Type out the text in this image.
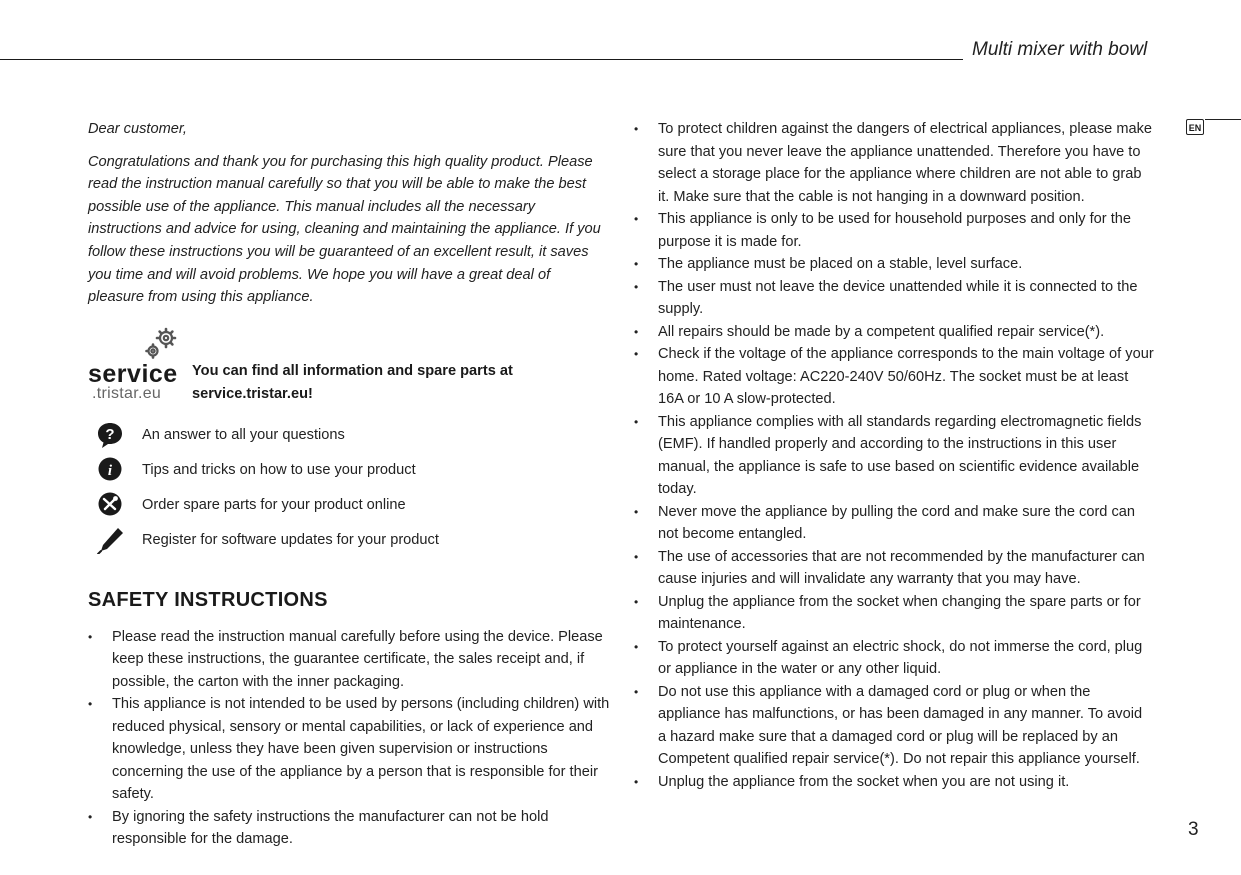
Multi mixer with bowl
EN
3

Dear customer,

Congratulations and thank you for purchasing this high quality product. Please read the instruction manual carefully so that you will be able to make the best possible use of the appliance. This manual includes all the necessary instructions and advice for using, cleaning and maintaining the appliance. If you follow these instructions you will be guaranteed of an excellent result, it saves you time and will avoid problems. We hope you will have a great deal of pleasure from using this appliance.

service
.tristar.eu
You can find all information and spare parts at
service.tristar.eu!
? An answer to all your questions
i Tips and tricks on how to use your product
Order spare parts for your product online
Register for software updates for your product
SAFETY INSTRUCTIONS
• Please read the instruction manual carefully before using the device. Please keep these instructions, the guarantee certificate, the sales receipt and, if possible, the carton with the inner packaging.
• This appliance is not intended to be used by persons (including children) with reduced physical, sensory or mental capabilities, or lack of experience and knowledge, unless they have been given supervision or instructions concerning the use of the appliance by a person that is responsible for their safety.
• By ignoring the safety instructions the manufacturer can not be hold responsible for the damage.
• To protect children against the dangers of electrical appliances, please make sure that you never leave the appliance unattended. Therefore you have to select a storage place for the appliance where children are not able to grab it. Make sure that the cable is not hanging in a downward position.
• This appliance is only to be used for household purposes and only for the purpose it is made for.
• The appliance must be placed on a stable, level surface.
• The user must not leave the device unattended while it is connected to the supply.
• All repairs should be made by a competent qualified repair service(*).
• Check if the voltage of the appliance corresponds to the main voltage of your home. Rated voltage: AC220-240V 50/60Hz. The socket must be at least 16A or 10 A slow-protected.
• This appliance complies with all standards regarding electromagnetic fields (EMF). If handled properly and according to the instructions in this user manual, the appliance is safe to use based on scientific evidence available today.
• Never move the appliance by pulling the cord and make sure the cord can not become entangled.
• The use of accessories that are not recommended by the manufacturer can cause injuries and will invalidate any warranty that you may have.
• Unplug the appliance from the socket when changing the spare parts or for maintenance.
• To protect yourself against an electric shock, do not immerse the cord, plug or appliance in the water or any other liquid.
• Do not use this appliance with a damaged cord or plug or when the appliance has malfunctions, or has been damaged in any manner. To avoid a hazard make sure that a damaged cord or plug will be replaced by an Competent qualified repair service(*). Do not repair this appliance yourself.
• Unplug the appliance from the socket when you are not using it.
